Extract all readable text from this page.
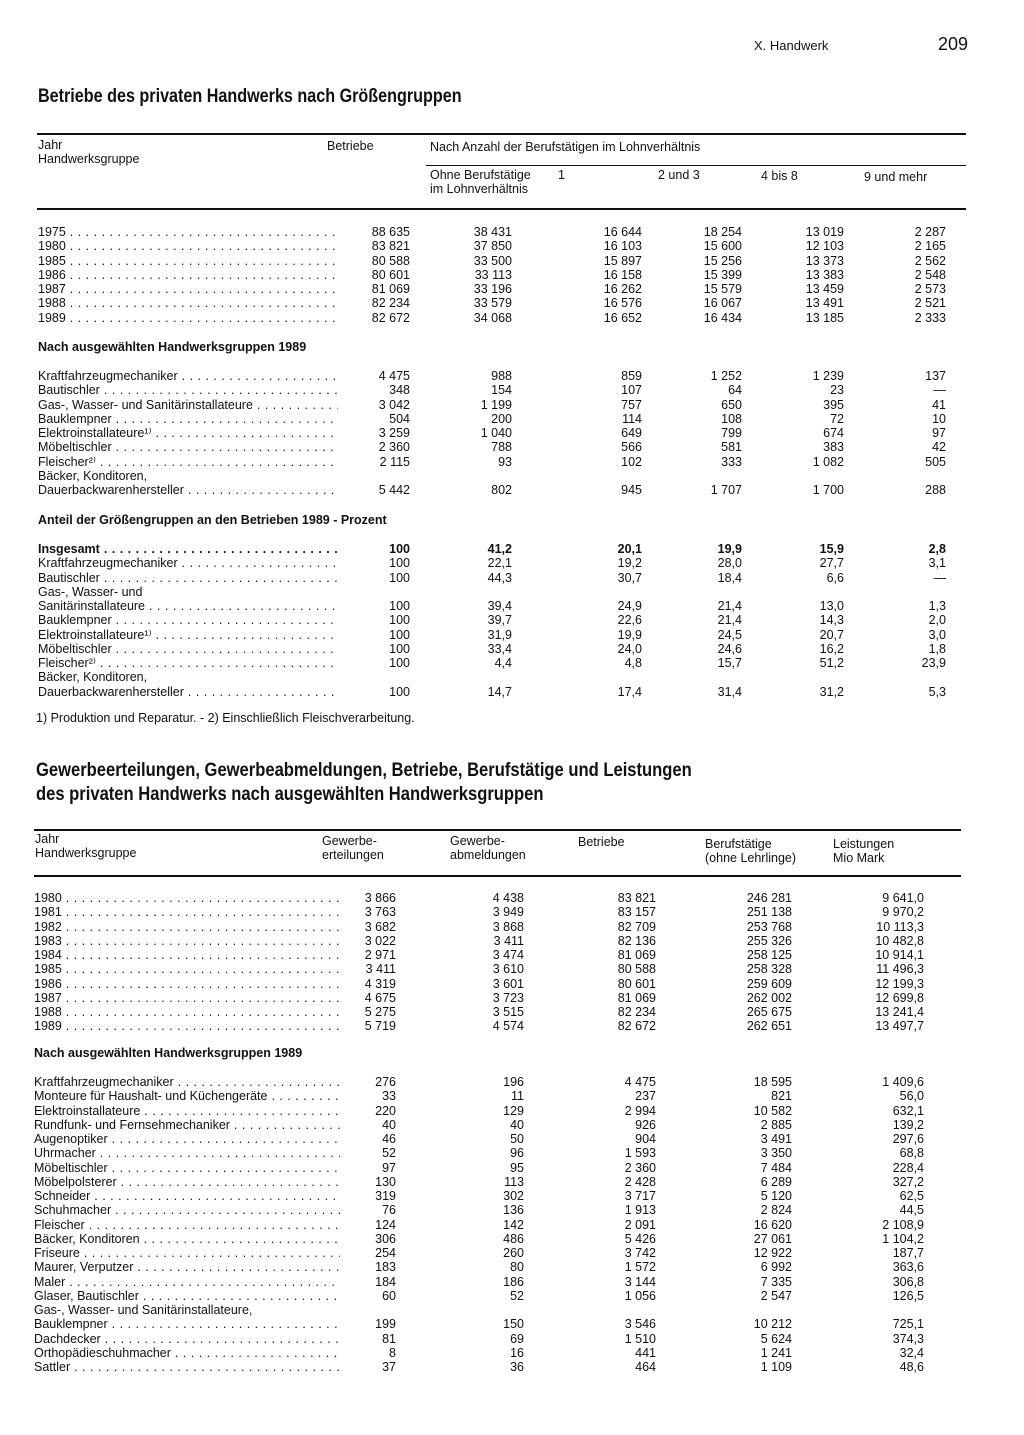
X. Handwerk	209
Betriebe des privaten Handwerks nach Größengruppen
Jahr
Handwerksgruppe
Betriebe	Nach Anzahl der Berufstätigen im Lohnverhältnis
Ohne Berufstätige
im Lohnverhältnis
1	2 und 3	4 bis 8	9 und mehr
1975 . . .	88 635	38 431	16 644	18 254	13 019	2 287
1980 . . .	83 821	37 850	16 103	15 600	12 103	2 165
1985 . . .	80 588	33 500	15 897	15 256	13 373	2 562
1986 . . .	80 601	33 113	16 158	15 399	13 383	2 548
1987 . . .	81 069	33 196	16 262	15 579	13 459	2 573
1988 . . .	82 234	33 579	16 576	16 067	13 491	2 521
1989 . . .	82 672	34 068	16 652	16 434	13 185	2 333
Nach ausgewählten Handwerksgruppen 1989
Kraftfahrzeugmechaniker . . .	4 475	988	859	1 252	1 239	137
Bautischler . . .	348	154	107	64	23	—
Gas-, Wasser- und Sanitärinstallateure . . .	3 042	1 199	757	650	395	41
Bauklempner . . .	504	200	114	108	72	10
Elektroinstallateure¹⁾ . . .	3 259	1 040	649	799	674	97
Möbeltischler . . .	2 360	788	566	581	383	42
Fleischer²⁾ . . .	2 115	93	102	333	1 082	505
Bäcker, Konditoren,
Dauerbackwarenhersteller . . .	5 442	802	945	1 707	1 700	288
Anteil der Größengruppen an den Betrieben 1989 - Prozent
Insgesamt . . .	100	41,2	20,1	19,9	15,9	2,8
Kraftfahrzeugmechaniker . . .	100	22,1	19,2	28,0	27,7	3,1
Bautischler . . .	100	44,3	30,7	18,4	6,6	—
Gas-, Wasser- und
Sanitärinstallateure . . .	100	39,4	24,9	21,4	13,0	1,3
Bauklempner . . .	100	39,7	22,6	21,4	14,3	2,0
Elektroinstallateure¹⁾ . . .	100	31,9	19,9	24,5	20,7	3,0
Möbeltischler . . .	100	33,4	24,0	24,6	16,2	1,8
Fleischer²⁾ . . .	100	4,4	4,8	15,7	51,2	23,9
Bäcker, Konditoren,
Dauerbackwarenhersteller . . .	100	14,7	17,4	31,4	31,2	5,3
1) Produktion und Reparatur. - 2) Einschließlich Fleischverarbeitung.
Gewerbeerteilungen, Gewerbeabmeldungen, Betriebe, Berufstätige und Leistungen
des privaten Handwerks nach ausgewählten Handwerksgruppen
Jahr
Handwerksgruppe
Gewerbe-
erteilungen
Gewerbe-
abmeldungen
Betriebe	Berufstätige
(ohne Lehrlinge)
Leistungen
Mio Mark
1980 . . .	3 866	4 438	83 821	246 281	9 641,0
1981 . . .	3 763	3 949	83 157	251 138	9 970,2
1982 . . .	3 682	3 868	82 709	253 768	10 113,3
1983 . . .	3 022	3 411	82 136	255 326	10 482,8
1984 . . .	2 971	3 474	81 069	258 125	10 914,1
1985 . . .	3 411	3 610	80 588	258 328	11 496,3
1986 . . .	4 319	3 601	80 601	259 609	12 199,3
1987 . . .	4 675	3 723	81 069	262 002	12 699,8
1988 . . .	5 275	3 515	82 234	265 675	13 241,4
1989 . . .	5 719	4 574	82 672	262 651	13 497,7
Nach ausgewählten Handwerksgruppen 1989
Kraftfahrzeugmechaniker . . .	276	196	4 475	18 595	1 409,6
Monteure für Haushalt- und Küchengeräte . . .	33	11	237	821	56,0
Elektroinstallateure . . .	220	129	2 994	10 582	632,1
Rundfunk- und Fernsehmechaniker . . .	40	40	926	2 885	139,2
Augenoptiker . . .	46	50	904	3 491	297,6
Uhrmacher . . .	52	96	1 593	3 350	68,8
Möbeltischler . . .	97	95	2 360	7 484	228,4
Möbelpolsterer . . .	130	113	2 428	6 289	327,2
Schneider . . .	319	302	3 717	5 120	62,5
Schuhmacher . . .	76	136	1 913	2 824	44,5
Fleischer . . .	124	142	2 091	16 620	2 108,9
Bäcker, Konditoren . . .	306	486	5 426	27 061	1 104,2
Friseure . . .	254	260	3 742	12 922	187,7
Maurer, Verputzer . . .	183	80	1 572	6 992	363,6
Maler . . .	184	186	3 144	7 335	306,8
Glaser, Bautischler . . .	60	52	1 056	2 547	126,5
Gas-, Wasser- und Sanitärinstallateure,
Bauklempner . . .	199	150	3 546	10 212	725,1
Dachdecker . . .	81	69	1 510	5 624	374,3
Orthopädieschuhmacher . . .	8	16	441	1 241	32,4
Sattler . . .	37	36	464	1 109	48,6
